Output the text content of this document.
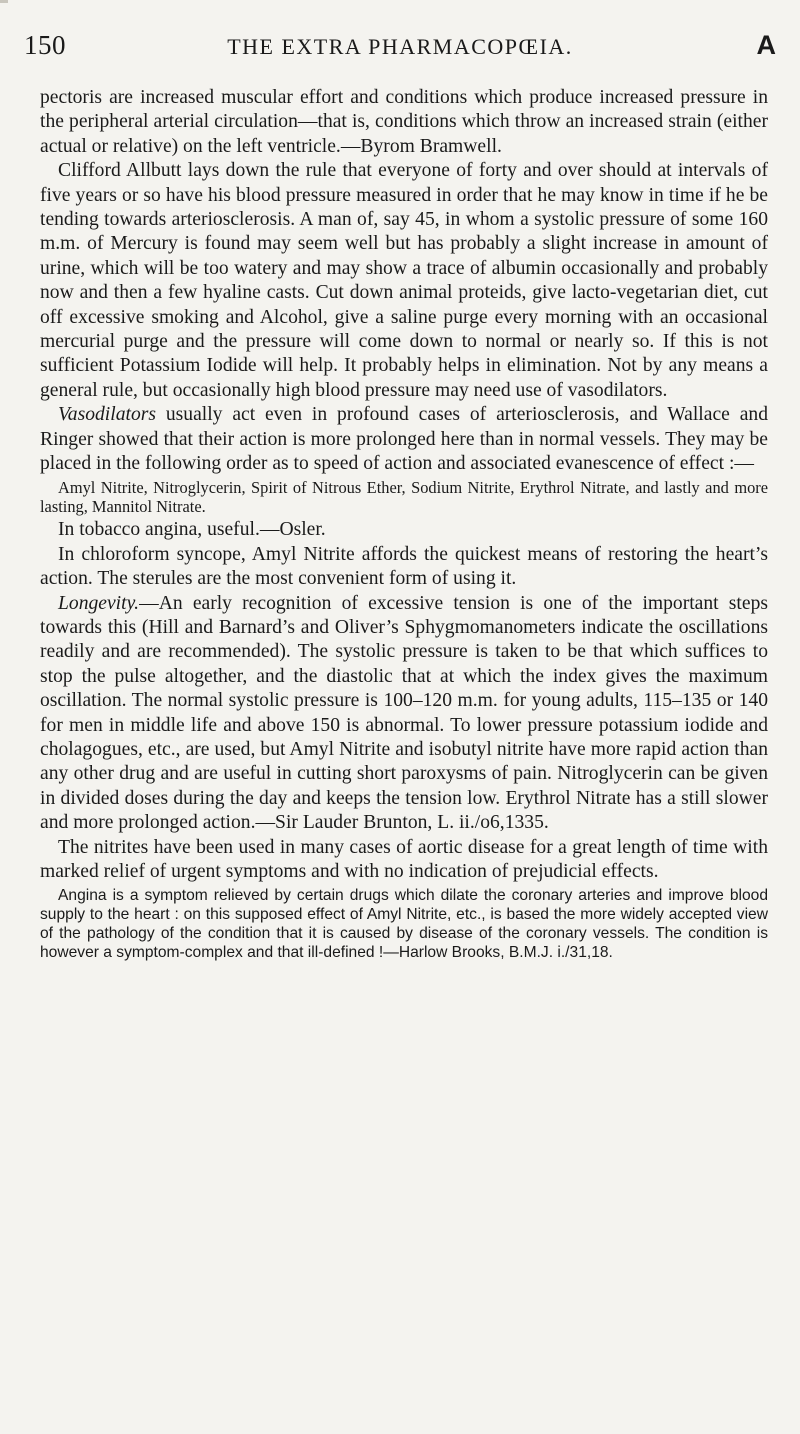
150	THE EXTRA PHARMACOPŒIA.	A

pectoris are increased muscular effort and conditions which produce increased pressure in the peripheral arterial circulation—that is, conditions which throw an increased strain (either actual or relative) on the left ventricle.—Byrom Bramwell.

Clifford Allbutt lays down the rule that everyone of forty and over should at intervals of five years or so have his blood pressure measured in order that he may know in time if he be tending towards arteriosclerosis. A man of, say 45, in whom a systolic pressure of some 160 m.m. of Mercury is found may seem well but has probably a slight increase in amount of urine, which will be too watery and may show a trace of albumin occasionally and probably now and then a few hyaline casts. Cut down animal proteids, give lacto-vegetarian diet, cut off excessive smoking and Alcohol, give a saline purge every morning with an occasional mercurial purge and the pressure will come down to normal or nearly so. If this is not sufficient Potassium Iodide will help. It probably helps in elimination. Not by any means a general rule, but occasionally high blood pressure may need use of vasodilators.

Vasodilators usually act even in profound cases of arteriosclerosis, and Wallace and Ringer showed that their action is more prolonged here than in normal vessels. They may be placed in the following order as to speed of action and associated evanescence of effect :—

Amyl Nitrite, Nitroglycerin, Spirit of Nitrous Ether, Sodium Nitrite, Erythrol Nitrate, and lastly and more lasting, Mannitol Nitrate.

In tobacco angina, useful.—Osler.

In chloroform syncope, Amyl Nitrite affords the quickest means of restoring the heart’s action. The sterules are the most convenient form of using it.

Longevity.—An early recognition of excessive tension is one of the important steps towards this (Hill and Barnard’s and Oliver’s Sphygmomanometers indicate the oscillations readily and are recommended). The systolic pressure is taken to be that which suffices to stop the pulse altogether, and the diastolic that at which the index gives the maximum oscillation. The normal systolic pressure is 100–120 m.m. for young adults, 115–135 or 140 for men in middle life and above 150 is abnormal. To lower pressure potassium iodide and cholagogues, etc., are used, but Amyl Nitrite and isobutyl nitrite have more rapid action than any other drug and are useful in cutting short paroxysms of pain. Nitroglycerin can be given in divided doses during the day and keeps the tension low. Erythrol Nitrate has a still slower and more prolonged action.—Sir Lauder Brunton, L. ii./o6,1335.

The nitrites have been used in many cases of aortic disease for a great length of time with marked relief of urgent symptoms and with no indication of prejudicial effects.

Angina is a symptom relieved by certain drugs which dilate the coronary arteries and improve blood supply to the heart : on this supposed effect of Amyl Nitrite, etc., is based the more widely accepted view of the pathology of the condition that it is caused by disease of the coronary vessels. The condition is however a symptom-complex and that ill-defined !—Harlow Brooks, B.M.J. i./31,18.
